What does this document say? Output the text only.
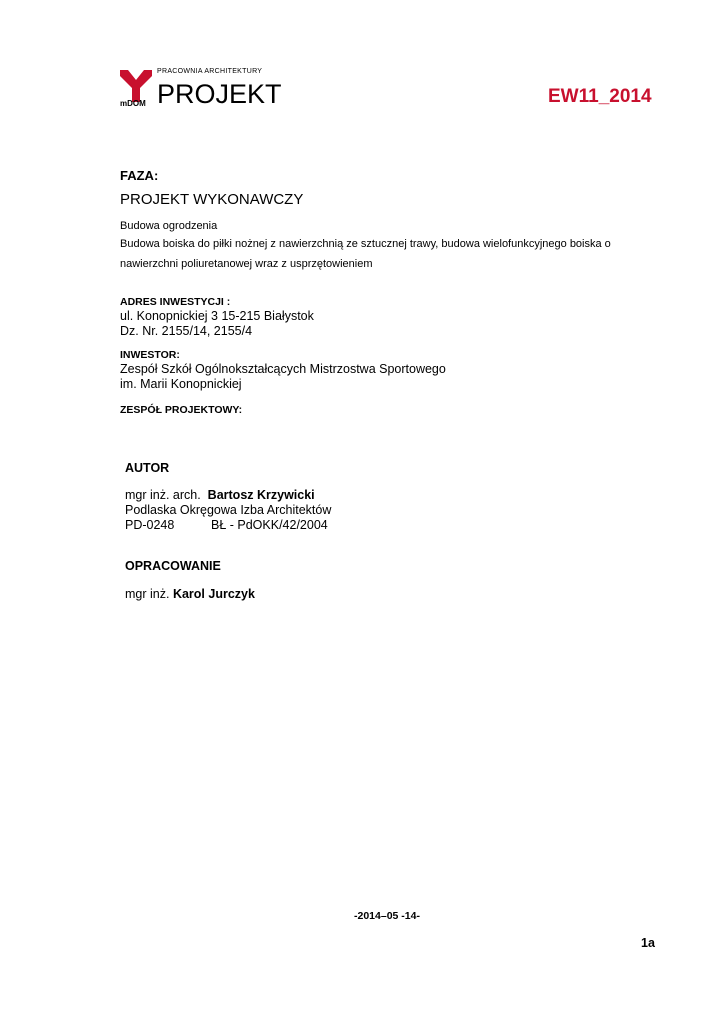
PRACOWNIA ARCHITEKTURY
PROJEKT
mDOM	EW11_2014
FAZA:
PROJEKT WYKONAWCZY
Budowa ogrodzenia
Budowa boiska do piłki nożnej z nawierzchnią ze sztucznej trawy, budowa wielofunkcyjnego boiska o
nawierzchni poliuretanowej wraz z usprzętowieniem
ADRES INWESTYCJI :
ul. Konopnickiej 3 15-215 Białystok
Dz. Nr. 2155/14, 2155/4
INWESTOR:
Zespół Szkół Ogólnokształcących Mistrzostwa Sportowego
im. Marii Konopnickiej
ZESPÓŁ PROJEKTOWY:
AUTOR
mgr inż. arch. Bartosz Krzywicki
Podlaska Okręgowa Izba Architektów
PD-0248	BŁ - PdOKK/42/2004
OPRACOWANIE
mgr inż. Karol Jurczyk
-2014–05 -14-
1a
